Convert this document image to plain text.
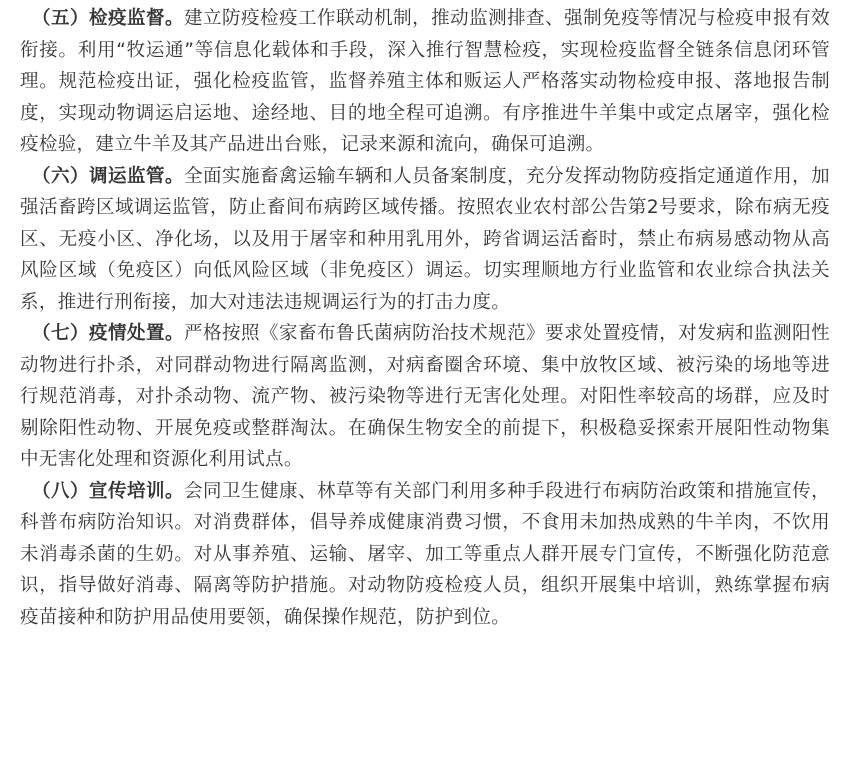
（五）检疫监督。建立防疫检疫工作联动机制，推动监测排查、强制免疫等情况与检疫申报有效衔接。利用“牧运通”等信息化载体和手段，深入推行智慧检疫，实现检疫监督全链条信息闭环管理。规范检疫出证，强化检疫监管，监督养殖主体和贩运人严格落实动物检疫申报、落地报告制度，实现动物调运启运地、途经地、目的地全程可追溯。有序推进牛羊集中或定点屠宰，强化检疫检验，建立牛羊及其产品进出台账，记录来源和流向，确保可追溯。

（六）调运监管。全面实施畜禽运输车辆和人员备案制度，充分发挥动物防疫指定通道作用，加强活畜跨区域调运监管，防止畜间布病跨区域传播。按照农业农村部公告第2号要求，除布病无疫区、无疫小区、净化场，以及用于屠宰和种用乳用外，跨省调运活畜时，禁止布病易感动物从高风险区域（免疫区）向低风险区域（非免疫区）调运。切实理顺地方行业监管和农业综合执法关系，推进行刑衔接，加大对违法违规调运行为的打击力度。

（七）疫情处置。严格按照《家畜布鲁氏菌病防治技术规范》要求处置疫情，对发病和监测阳性动物进行扑杀，对同群动物进行隔离监测，对病畜圈舍环境、集中放牧区域、被污染的场地等进行规范消毒，对扑杀动物、流产物、被污染物等进行无害化处理。对阳性率较高的场群，应及时剔除阳性动物、开展免疫或整群淘汰。在确保生物安全的前提下，积极稳妥探索开展阳性动物集中无害化处理和资源化利用试点。

（八）宣传培训。会同卫生健康、林草等有关部门利用多种手段进行布病防治政策和措施宣传，科普布病防治知识。对消费群体，倡导养成健康消费习惯，不食用未加热成熟的牛羊肉，不饮用未消毒杀菌的生奶。对从事养殖、运输、屠宰、加工等重点人群开展专门宣传，不断强化防范意识，指导做好消毒、隔离等防护措施。对动物防疫检疫人员，组织开展集中培训，熟练掌握布病疫苗接种和防护用品使用要领，确保操作规范，防护到位。
